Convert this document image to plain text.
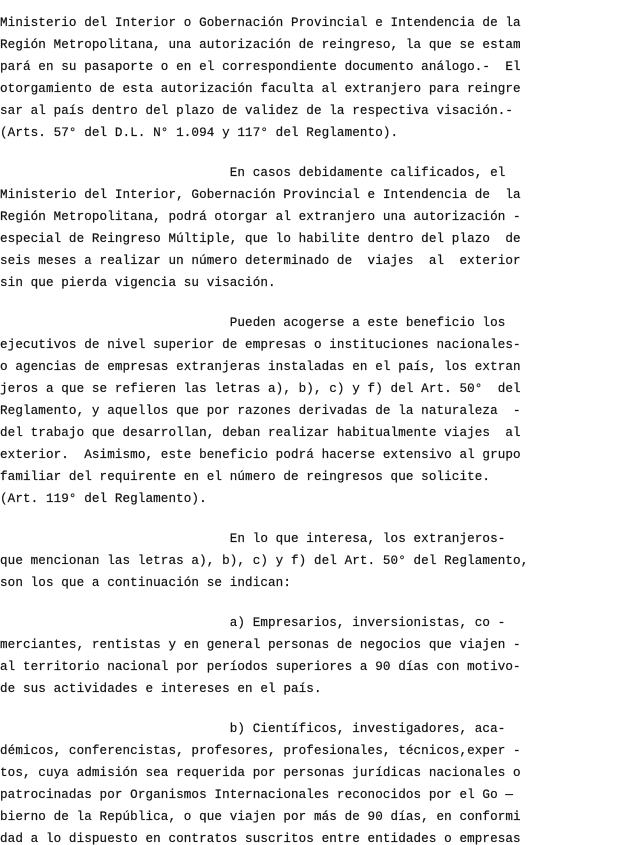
Ministerio del Interior o Gobernación Provincial e Intendencia de la
Región Metropolitana, una autorización de reingreso, la que se estam
pará en su pasaporte o en el correspondiente documento análogo.-  El
otorgamiento de esta autorización faculta al extranjero para reingre
sar al país dentro del plazo de validez de la respectiva visación.-
(Arts. 57° del D.L. N° 1.094 y 117° del Reglamento).
En casos debidamente calificados, el
Ministerio del Interior, Gobernación Provincial e Intendencia de  la
Región Metropolitana, podrá otorgar al extranjero una autorización -
especial de Reingreso Múltiple, que lo habilite dentro del plazo  de
seis meses a realizar un número determinado de  viajes  al  exterior
sin que pierda vigencia su visación.
Pueden acogerse a este beneficio los
ejecutivos de nivel superior de empresas o instituciones nacionales-
o agencias de empresas extranjeras instaladas en el país, los extran
jeros a que se refieren las letras a), b), c) y f) del Art. 50°  del
Reglamento, y aquellos que por razones derivadas de la naturaleza  -
del trabajo que desarrollan, deban realizar habitualmente viajes  al
exterior.  Asimismo, este beneficio podrá hacerse extensivo al grupo
familiar del requirente en el número de reingresos que solicite.
(Art. 119° del Reglamento).
En lo que interesa, los extranjeros-
que mencionan las letras a), b), c) y f) del Art. 50° del Reglamento,
son los que a continuación se indican:
a) Empresarios, inversionistas, co -
merciantes, rentistas y en general personas de negocios que viajen -
al territorio nacional por períodos superiores a 90 días con motivo-
de sus actividades e intereses en el país.
b) Científicos, investigadores, aca-
démicos, conferencistas, profesores, profesionales, técnicos,exper -
tos, cuya admisión sea requerida por personas jurídicas nacionales o
patrocinadas por Organismos Internacionales reconocidos por el Go —
bierno de la República, o que viajen por más de 90 días, en conformi
dad a lo dispuesto en contratos suscritos entre entidades o empresas
